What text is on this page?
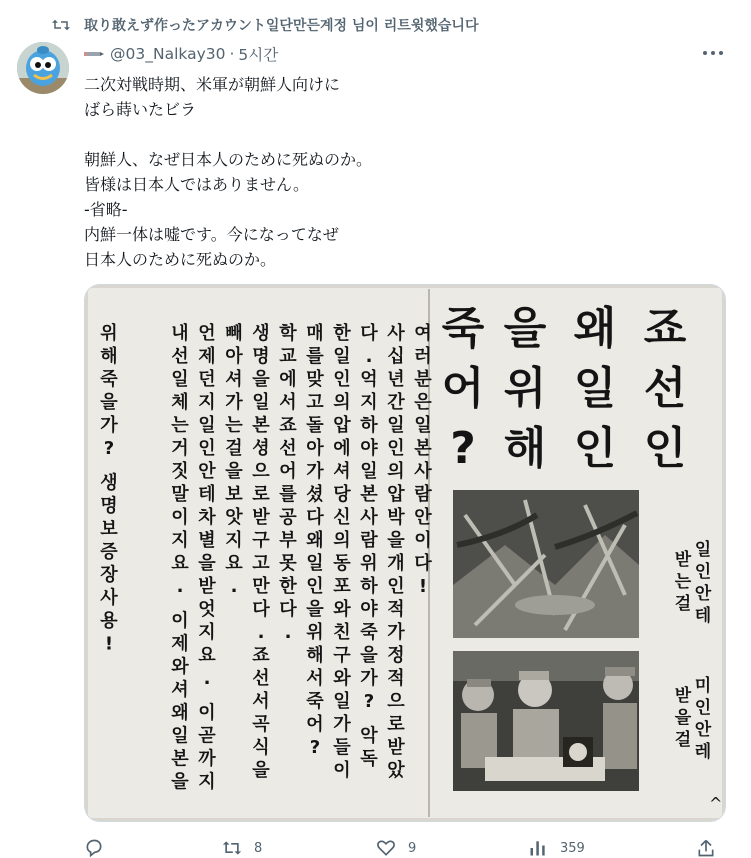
取り敢えず作ったアカウント일단만든계정 님이 리트윗했습니다
@03_Nalkay30 · 5시간
二次対戦時期、米軍が朝鮮人向けに
ばら蒔いたビラ
朝鮮人、なぜ日本人のために死ぬのか。
皆様は日本人ではありません。
-省略-
内鮮一体は嘘です。今になってなぜ
日本人のために死ぬのか。
여 러 분 은 일 본 사 람 안 이 다 !
사 십 년 간 일 인 의 압 박 을 개 인 적 가 정 적 으 로 받 았
다 . 억 지 하 야 일 본 사 람 위 하 야 죽 을 가 ? 악 독
한 일 인 의 압 에 셔 당 신 의 동 포 와 친 구 와 일 가 들 이
매 를 맞 고 돌 아 가 셨 다 왜 일 인 을 위 해 서 죽 어 ?
학 교 에 서 죠 선 어 를 공 부 못 한 다 .
생 명 을 일 본 셩 으 로 받 구 고 만 다 . 죠 선 서 곡 식 을
빼 아 셔 가 는 걸 을 보 앗 지 요 .
언 제 던 지 일 인 안 테 차 별 을 받 엇 지 요 . 이 곧 까 지
내 선 일 체 는 거 짓 말 이 지 요 . 이 제 와 셔 왜 일 본 을
위 해 죽 을 가 ? 생 명 보 증 장 사 용 !
죠 선 인
왜 일 인
을 위 해
죽 어 ?
일 인 안 테
받 는 걸
미 인 안 레
받 을 걸
^
8	9	359
